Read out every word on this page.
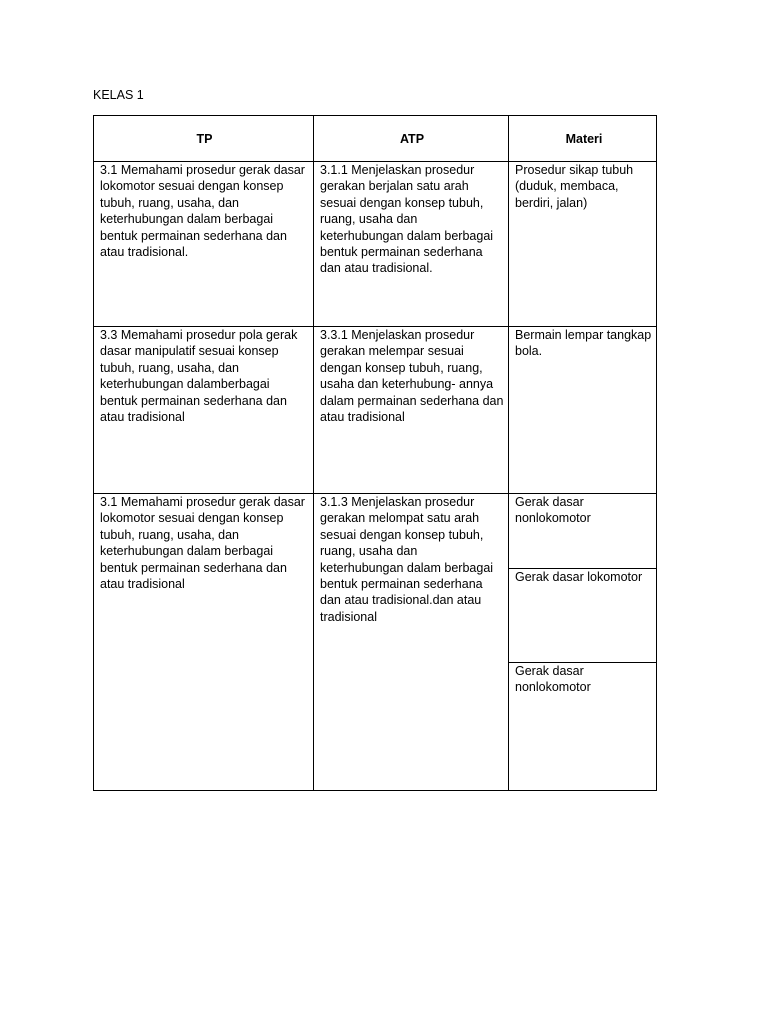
KELAS 1
TP	ATP	Materi
3.1 Memahami prosedur gerak dasar lokomotor sesuai dengan konsep tubuh, ruang, usaha, dan keterhubungan dalam berbagai bentuk permainan sederhana dan atau tradisional.
3.1.1 Menjelaskan prosedur gerakan berjalan satu arah sesuai dengan konsep tubuh, ruang, usaha dan keterhubungan dalam berbagai bentuk permainan sederhana dan atau tradisional.
Prosedur sikap tubuh (duduk, membaca, berdiri, jalan)
3.3 Memahami prosedur pola gerak dasar manipulatif sesuai konsep tubuh, ruang, usaha, dan keterhubungan dalamberbagai bentuk permainan sederhana dan atau tradisional
3.3.1 Menjelaskan prosedur gerakan melempar sesuai dengan konsep tubuh, ruang, usaha dan keterhubung- annya dalam permainan sederhana dan atau tradisional
Bermain lempar tangkap bola.
3.1 Memahami prosedur gerak dasar lokomotor sesuai dengan konsep tubuh, ruang, usaha, dan keterhubungan dalam berbagai bentuk permainan sederhana dan atau tradisional
3.1.3 Menjelaskan prosedur gerakan melompat satu arah sesuai dengan konsep tubuh, ruang, usaha dan keterhubungan dalam berbagai bentuk permainan sederhana dan atau tradisional.dan atau tradisional
Gerak dasar nonlokomotor
Gerak dasar lokomotor
Gerak dasar nonlokomotor
